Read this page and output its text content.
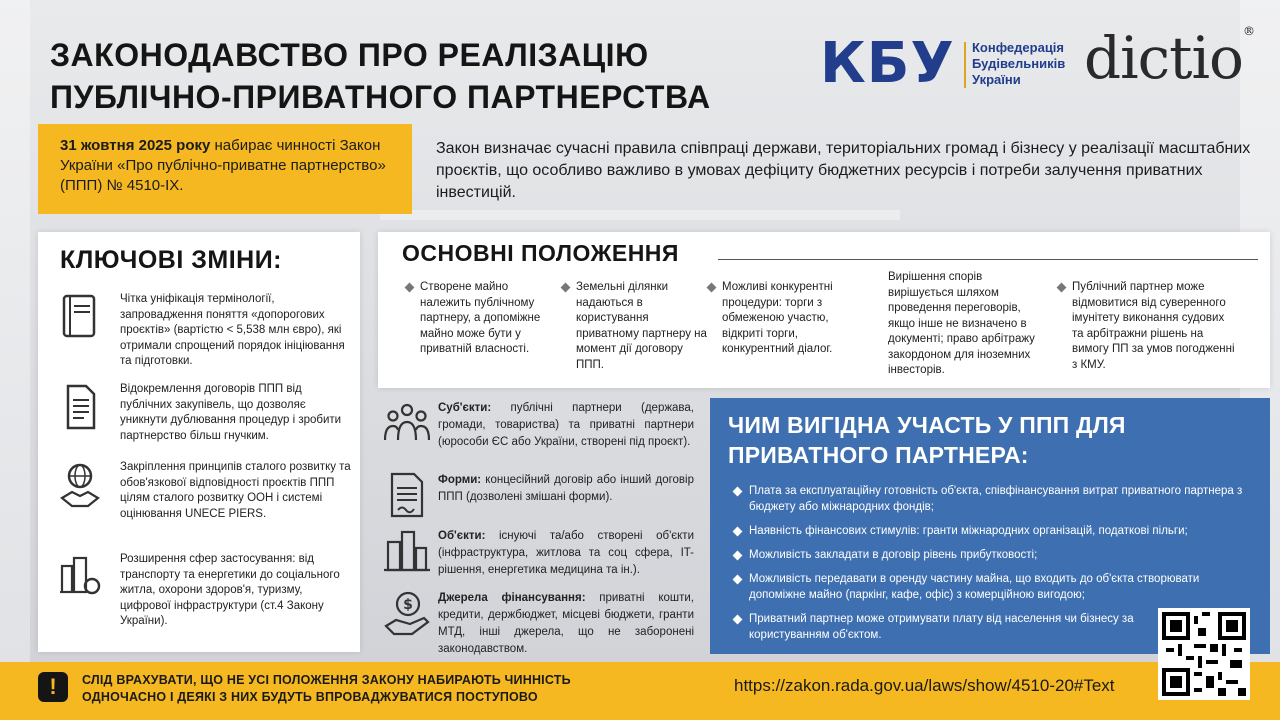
ЗАКОНОДАВСТВО ПРО РЕАЛІЗАЦІЮ
ПУБЛІЧНО-ПРИВАТНОГО ПАРТНЕРСТВА
КБУ Конфедерація
Будівельників
України	dictio®
31 жовтня 2025 року набирає чинності Закон України «Про публічно-приватне партнерство» (ППП) № 4510-IX.
Закон визначає сучасні правила співпраці держави, територіальних громад і бізнесу у реалізації масштабних проєктів, що особливо важливо в умовах дефіциту бюджетних ресурсів і потреби залучення приватних інвестицій.
КЛЮЧОВІ ЗМІНИ:
Чітка уніфікація термінології, запровадження поняття «допорогових проєктів» (вартістю < 5,538 млн євро), які отримали спрощений порядок ініціювання та підготовки.
Відокремлення договорів ППП від публічних закупівель, що дозволяє уникнути дублювання процедур і зробити партнерство більш гнучким.
Закріплення принципів сталого розвитку та обов'язкової відповідності проєктів ППП цілям сталого розвитку ООН і системі оцінювання UNECE PIERS.
Розширення сфер застосування: від транспорту та енергетики до соціального житла, охорони здоров'я, туризму, цифрової інфраструктури (ст.4 Закону України).
ОСНОВНІ ПОЛОЖЕННЯ
Створене майно належить публічному партнеру, а допоміжне майно може бути у приватній власності.
Земельні ділянки надаються в користування приватному партнеру на момент дії договору ППП.
Можливі конкурентні процедури: торги з обмеженою участю, відкриті торги, конкурентний діалог.
Вирішення спорів вирішується шляхом проведення переговорів, якщо інше не визначено в документі; право арбітражу закордоном для іноземних інвесторів.
Публічний партнер може відмовитися від суверенного імунітету виконання судових та арбітражни рішень на вимогу ПП за умов погодженні з КМУ.
Суб'єкти: публічні партнери (держава, громади, товариства) та приватні партнери (юрособи ЄС або України, створені під проєкт).
Форми: концесійний договір або інший договір ППП (дозволені змішані форми).
Об'єкти: існуючі та/або створені об'єкти (інфраструктура, житлова та соц сфера, IT-рішення, енергетика медицина та ін.).
$ Джерела фінансування: приватні кошти, кредити, держбюджет, місцеві бюджети, гранти МТД, інші джерела, що не заборонені законодавством.
ЧИМ ВИГІДНА УЧАСТЬ У ППП ДЛЯ ПРИВАТНОГО ПАРТНЕРА:
Плата за експлуатаційну готовність об'єкта, співфінансування витрат приватного партнера з бюджету або міжнародних фондів;
Наявність фінансових стимулів: гранти міжнародних організацій, податкові пільги;
Можливість закладати в договір рівень прибутковості;
Можливість передавати в оренду частину майна, що входить до об'єкта створювати допоміжне майно (паркінг, кафе, офіс) з комерційною вигодою;
Приватний партнер може отримувати плату від населення чи бізнесу за користуванням об'єктом.
!	СЛІД ВРАХУВАТИ, ЩО НЕ УСІ ПОЛОЖЕННЯ ЗАКОНУ НАБИРАЮТЬ ЧИННІСТЬ
ОДНОЧАСНО І ДЕЯКІ З НИХ БУДУТЬ ВПРОВАДЖУВАТИСЯ ПОСТУПОВО
https://zakon.rada.gov.ua/laws/show/4510-20#Text
